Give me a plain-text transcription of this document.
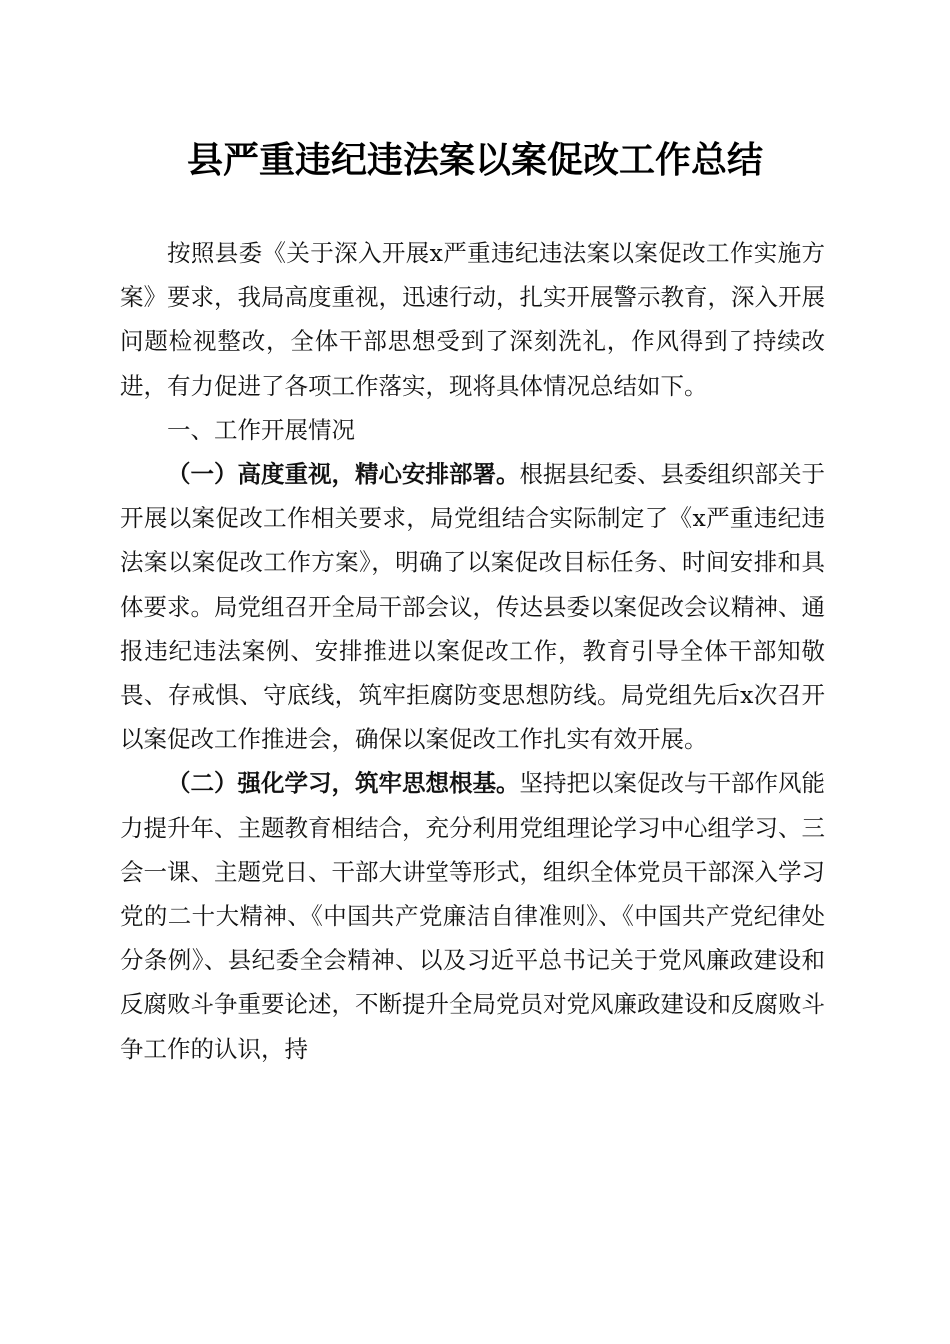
县严重违纪违法案以案促改工作总结

按照县委《关于深入开展x严重违纪违法案以案促改工作实施方案》要求，我局高度重视，迅速行动，扎实开展警示教育，深入开展问题检视整改，全体干部思想受到了深刻洗礼，作风得到了持续改进，有力促进了各项工作落实，现将具体情况总结如下。

一、工作开展情况

（一）高度重视，精心安排部署。根据县纪委、县委组织部关于开展以案促改工作相关要求，局党组结合实际制定了《x严重违纪违法案以案促改工作方案》，明确了以案促改目标任务、时间安排和具体要求。局党组召开全局干部会议，传达县委以案促改会议精神、通报违纪违法案例、安排推进以案促改工作，教育引导全体干部知敬畏、存戒惧、守底线，筑牢拒腐防变思想防线。局党组先后x次召开以案促改工作推进会，确保以案促改工作扎实有效开展。

（二）强化学习，筑牢思想根基。坚持把以案促改与干部作风能力提升年、主题教育相结合，充分利用党组理论学习中心组学习、三会一课、主题党日、干部大讲堂等形式，组织全体党员干部深入学习党的二十大精神、《中国共产党廉洁自律准则》、《中国共产党纪律处分条例》、县纪委全会精神、以及习近平总书记关于党风廉政建设和反腐败斗争重要论述，不断提升全局党员对党风廉政建设和反腐败斗争工作的认识，持
